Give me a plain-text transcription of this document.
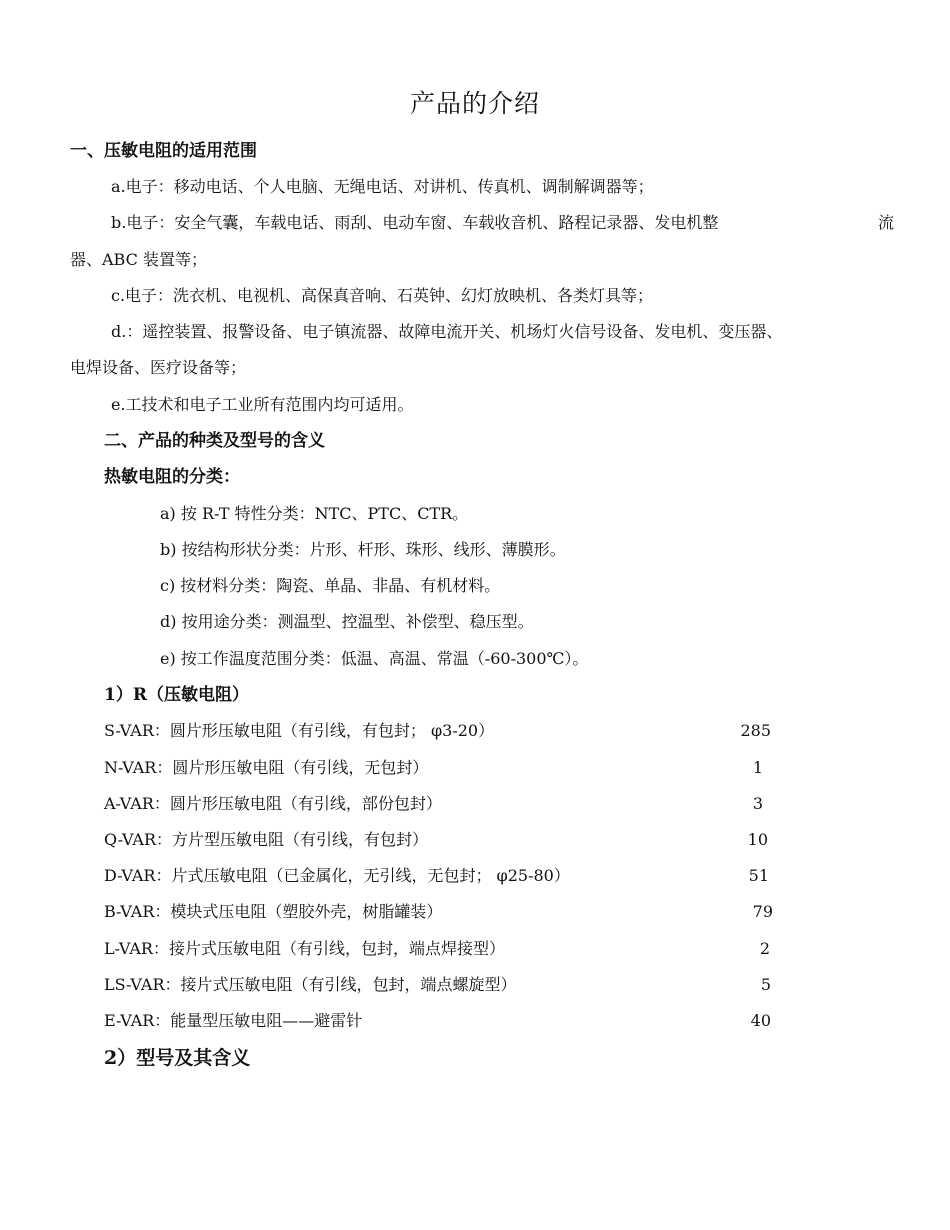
产品的介绍
一、压敏电阻的适用范围
a.电子：移动电话、个人电脑、无绳电话、对讲机、传真机、调制解调器等；
b.电子：安全气囊，车载电话、雨刮、电动车窗、车载收音机、路程记录器、发电机整	流
器、ABC 装置等；
c.电子：洗衣机、电视机、高保真音响、石英钟、幻灯放映机、各类灯具等；
d.：遥控装置、报警设备、电子镇流器、故障电流开关、机场灯火信号设备、发电机、变压器、
电焊设备、医疗设备等；
e.工技术和电子工业所有范围内均可适用。
二、产品的种类及型号的含义
热敏电阻的分类：
a) 按 R-T 特性分类：NTC、PTC、CTR。
b) 按结构形状分类：片形、杆形、珠形、线形、薄膜形。
c) 按材料分类：陶瓷、单晶、非晶、有机材料。
d) 按用途分类：测温型、控温型、补偿型、稳压型。
e) 按工作温度范围分类：低温、高温、常温（-60-300℃）。
1）R（压敏电阻）
S-VAR：圆片形压敏电阻（有引线，有包封； φ3-20）	285
N-VAR：圆片形压敏电阻（有引线，无包封）	1
A-VAR：圆片形压敏电阻（有引线，部份包封）	3
Q-VAR：方片型压敏电阻（有引线，有包封）	10
D-VAR：片式压敏电阻（已金属化，无引线，无包封； φ25-80）	51
B-VAR：模块式压电阻（塑胶外壳，树脂罐装）	79
L-VAR：接片式压敏电阻（有引线，包封，端点焊接型）	2
LS-VAR：接片式压敏电阻（有引线，包封，端点螺旋型）	5
E-VAR：能量型压敏电阻——避雷针	40
2）型号及其含义
